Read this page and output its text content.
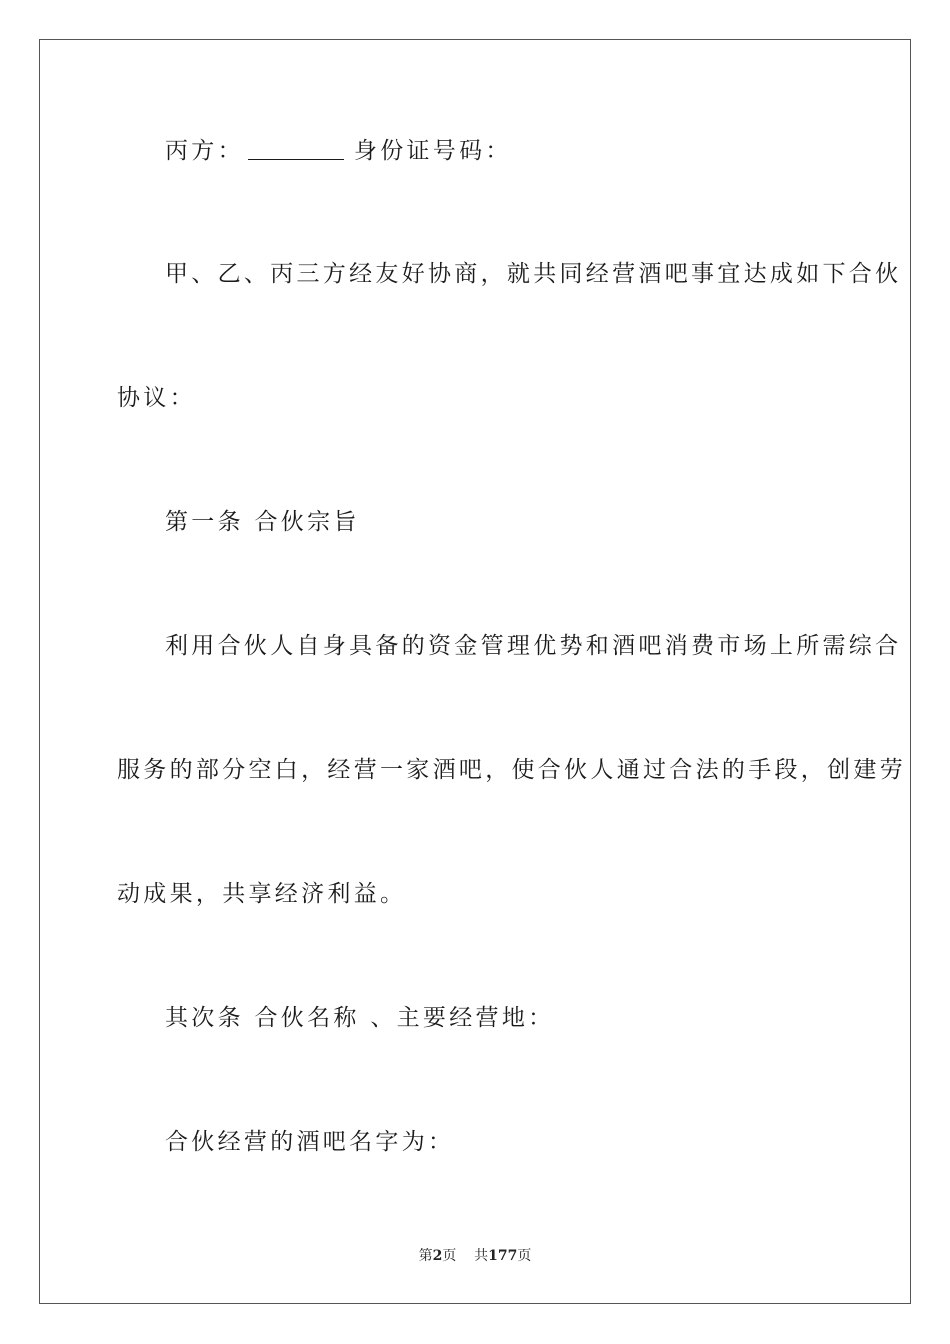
丙方：	身份证号码：
甲、乙、丙三方经友好协商，就共同经营酒吧事宜达成如下合伙
协议：
第一条 合伙宗旨
利用合伙人自身具备的资金管理优势和酒吧消费市场上所需综合
服务的部分空白，经营一家酒吧，使合伙人通过合法的手段，创建劳
动成果，共享经济利益。
其次条 合伙名称 、主要经营地：
合伙经营的酒吧名字为：
第2页 共177页
